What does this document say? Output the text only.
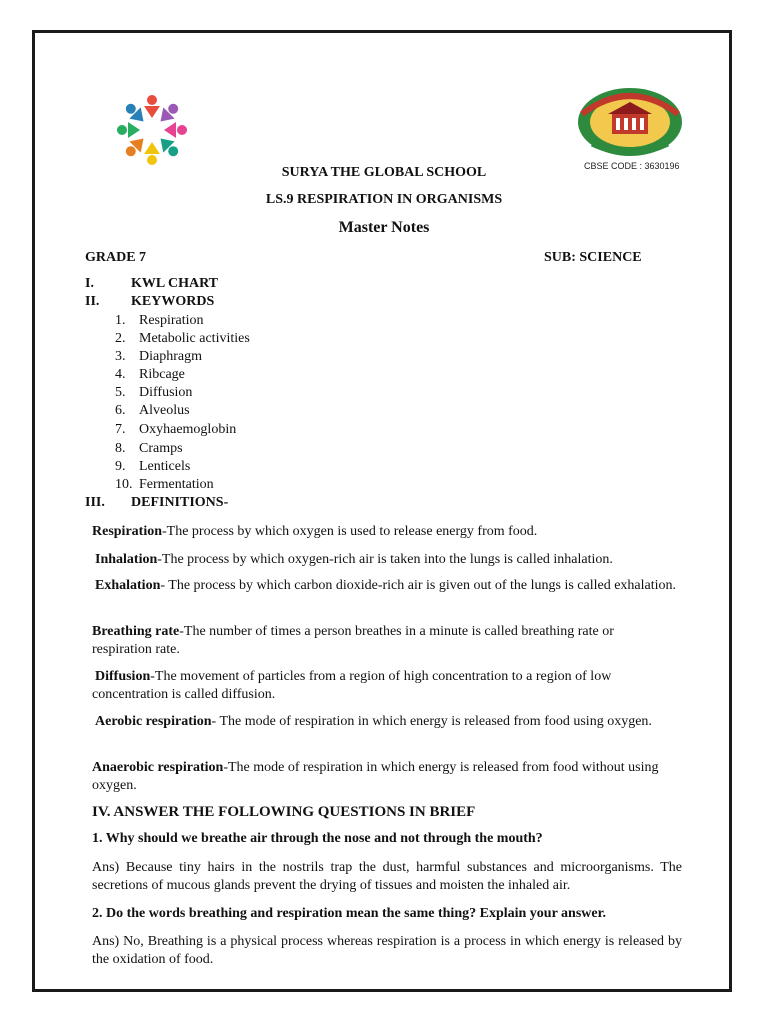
CBSE CODE : 3630196
SURYA THE GLOBAL SCHOOL
LS.9 RESPIRATION IN ORGANISMS
Master Notes
GRADE 7	SUB: SCIENCE
I.	KWL CHART
II. KEYWORDS
1. Respiration
2. Metabolic activities
3. Diaphragm
4. Ribcage
5. Diffusion
6. Alveolus
7. Oxyhaemoglobin
8. Cramps
9. Lenticels
10. Fermentation
III. DEFINITIONS-
Respiration-The process by which oxygen is used to release energy from food.
Inhalation-The process by which oxygen-rich air is taken into the lungs is called inhalation.
Exhalation- The process by which carbon dioxide-rich air is given out of the lungs is called exhalation.
Breathing rate-The number of times a person breathes in a minute is called breathing rate or respiration rate.
Diffusion-The movement of particles from a region of high concentration to a region of low concentration is called diffusion.
Aerobic respiration- The mode of respiration in which energy is released from food using oxygen.
Anaerobic respiration-The mode of respiration in which energy is released from food without using oxygen.
IV. ANSWER THE FOLLOWING QUESTIONS IN BRIEF
1. Why should we breathe air through the nose and not through the mouth?
Ans) Because tiny hairs in the nostrils trap the dust, harmful substances and microorganisms. The secretions of mucous glands prevent the drying of tissues and moisten the inhaled air.
2. Do the words breathing and respiration mean the same thing? Explain your answer.
Ans) No, Breathing is a physical process whereas respiration is a process in which energy is released by the oxidation of food.
